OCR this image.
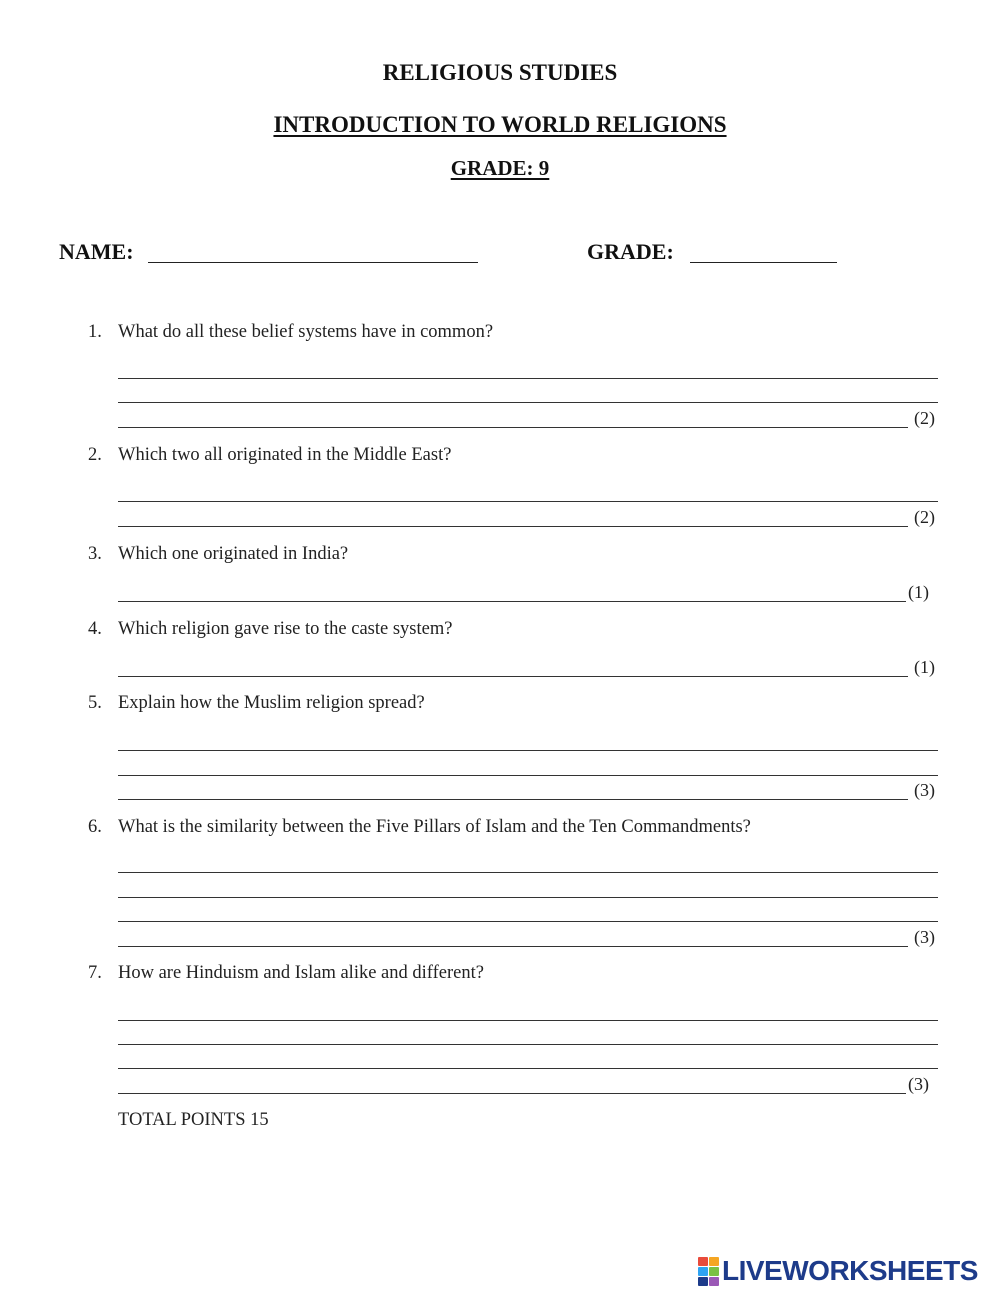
RELIGIOUS STUDIES
INTRODUCTION TO WORLD RELIGIONS
GRADE: 9
NAME:	GRADE:
1. What do all these belief systems have in common?
(2)
2. Which two all originated in the Middle East?
(2)
3. Which one originated in India?
(1)
4. Which religion gave rise to the caste system?
(1)
5. Explain how the Muslim religion spread?
(3)
6. What is the similarity between the Five Pillars of Islam and the Ten Commandments?
(3)
7. How are Hinduism and Islam alike and different?
(3)
TOTAL POINTS 15
LIVEWORKSHEETS
